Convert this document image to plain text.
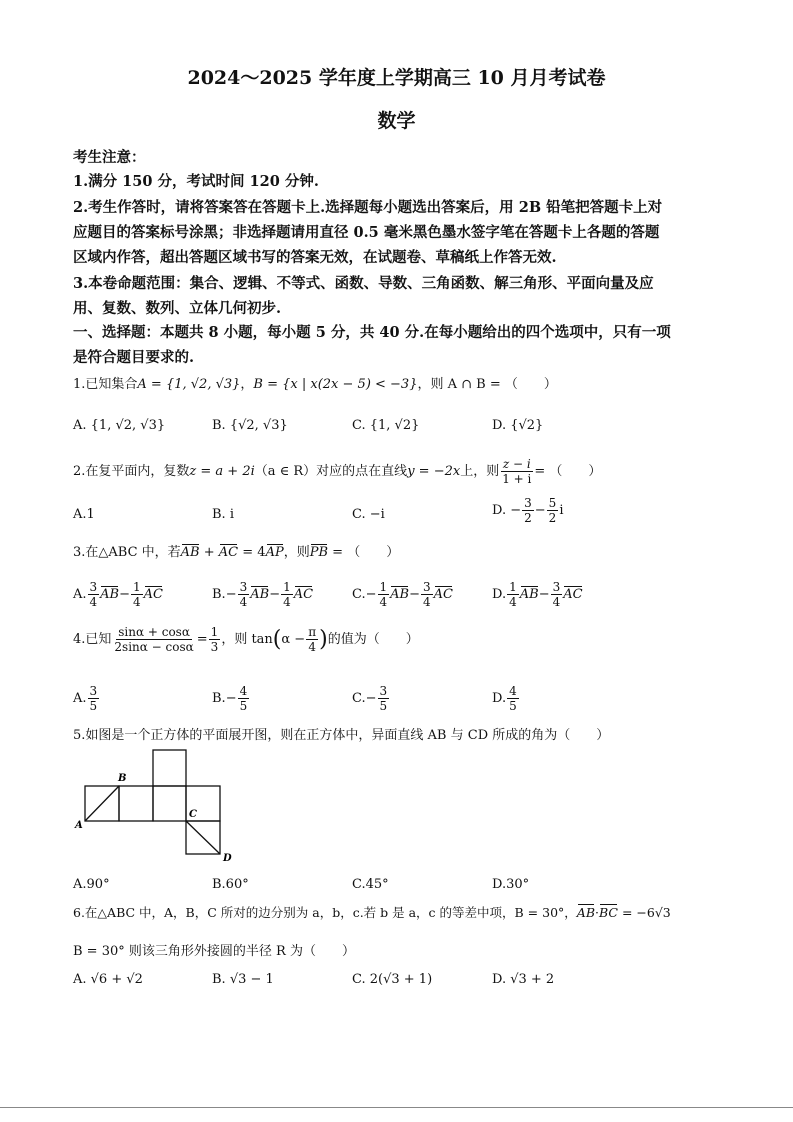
2024～2025 学年度上学期高三 10 月月考试卷
数学
考生注意：
1.满分 150 分，考试时间 120 分钟.
2.考生作答时，请将答案答在答题卡上.选择题每小题选出答案后，用 2B 铅笔把答题卡上对
应题目的答案标号涂黑；非选择题请用直径 0.5 毫米黑色墨水签字笔在答题卡上各题的答题
区域内作答，超出答题区域书写的答案无效，在试题卷、草稿纸上作答无效.
3.本卷命题范围：集合、逻辑、不等式、函数、导数、三角函数、解三角形、平面向量及应
用、复数、数列、立体几何初步.
一、选择题：本题共 8 小题，每小题 5 分，共 40 分.在每小题给出的四个选项中，只有一项
是符合题目要求的.
1.已知集合A = {1, √2, √3}，B = {x | x(2x − 5) < −3}，则 A ∩ B = （　　）
A. {1, √2, √3}	B. {√2, √3}	C. {1, √2}	D. {√2}
2.在复平面内，复数z = a + 2i（a ∈ R）对应的点在直线y = −2x上，则 $\frac{z - i}{1 + i}$ = （　　）
A.1	B. i	C. −i	D. − $\frac{3}{2} - \frac{5}{2}$ i
3.在△ABC 中，若AB + AC = 4AP，则PB = （　　）
A. $\frac{3}{4} AB- \frac{1}{4}$ AC	$B.- \frac{3}{4} AB- \frac{1}{4}$ AC	$C.- \frac{1}{4} AB- \frac{3}{4}$ AC	D. $\frac{1}{4} AB- \frac{3}{4}$ AC
4.已知 $\frac{\sin\alpha + \cos\alpha}{2\sin\alpha - \cos\alpha} = \frac{1}{3}$ ，则 $\tan(\alpha - \frac{\pi}{4}$ )的值为（　　）
A. $\frac{3}{5}$	$B.- \frac{4}{5}$	$C.- \frac{3}{5}$	D. $\frac{4}{5}$
5.如图是一个正方体的平面展开图，则在正方体中，异面直线 AB 与 CD 所成的角为（　　）
B
A
C
D
A.90°	B.60°	C.45°	D.30°
6.在△ABC 中，A，B，C 所对的边分别为 a，b，c.若 b 是 a，c 的等差中项，B = 30°，AB·BC = −6√3
B = 30° 则该三角形外接圆的半径 R 为（　　）
A. √6 + √2	B. √3 − 1	C. 2(√3 + 1)	D. √3 + 2
